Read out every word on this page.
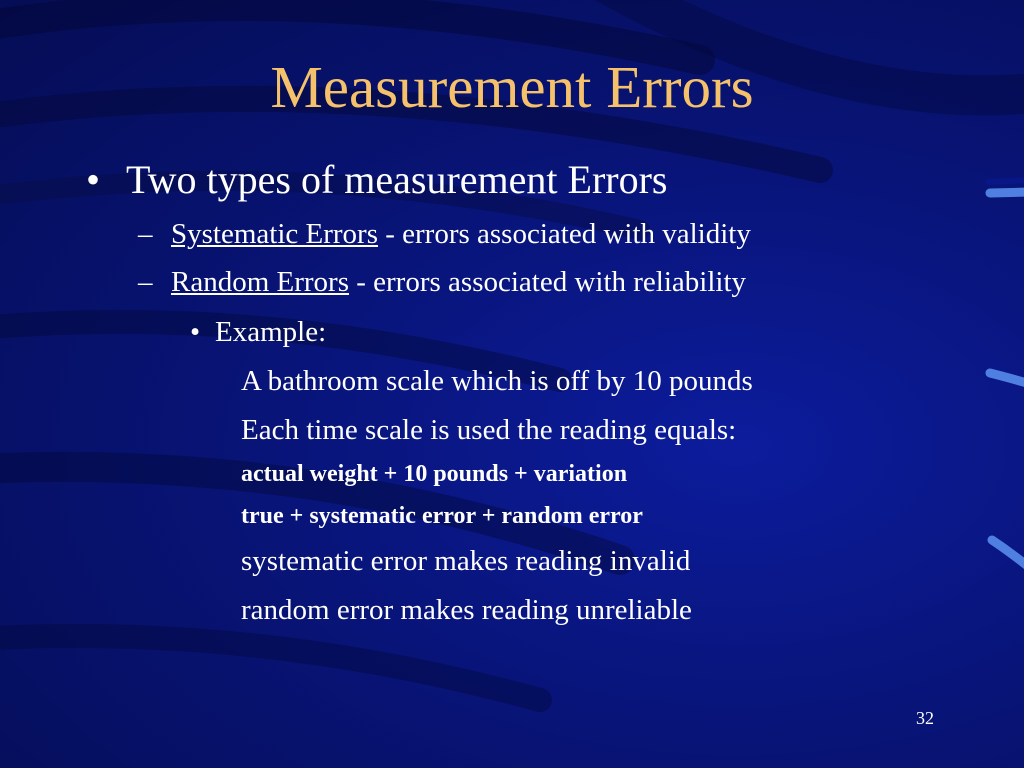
Measurement Errors
• Two types of measurement Errors
– Systematic Errors - errors associated with validity
– Random Errors - errors associated with reliability
• Example:
A bathroom scale which is off by 10 pounds
Each time scale is used the reading equals:
actual weight + 10 pounds + variation
true + systematic error + random error
systematic error makes reading invalid
random error makes reading unreliable
32
